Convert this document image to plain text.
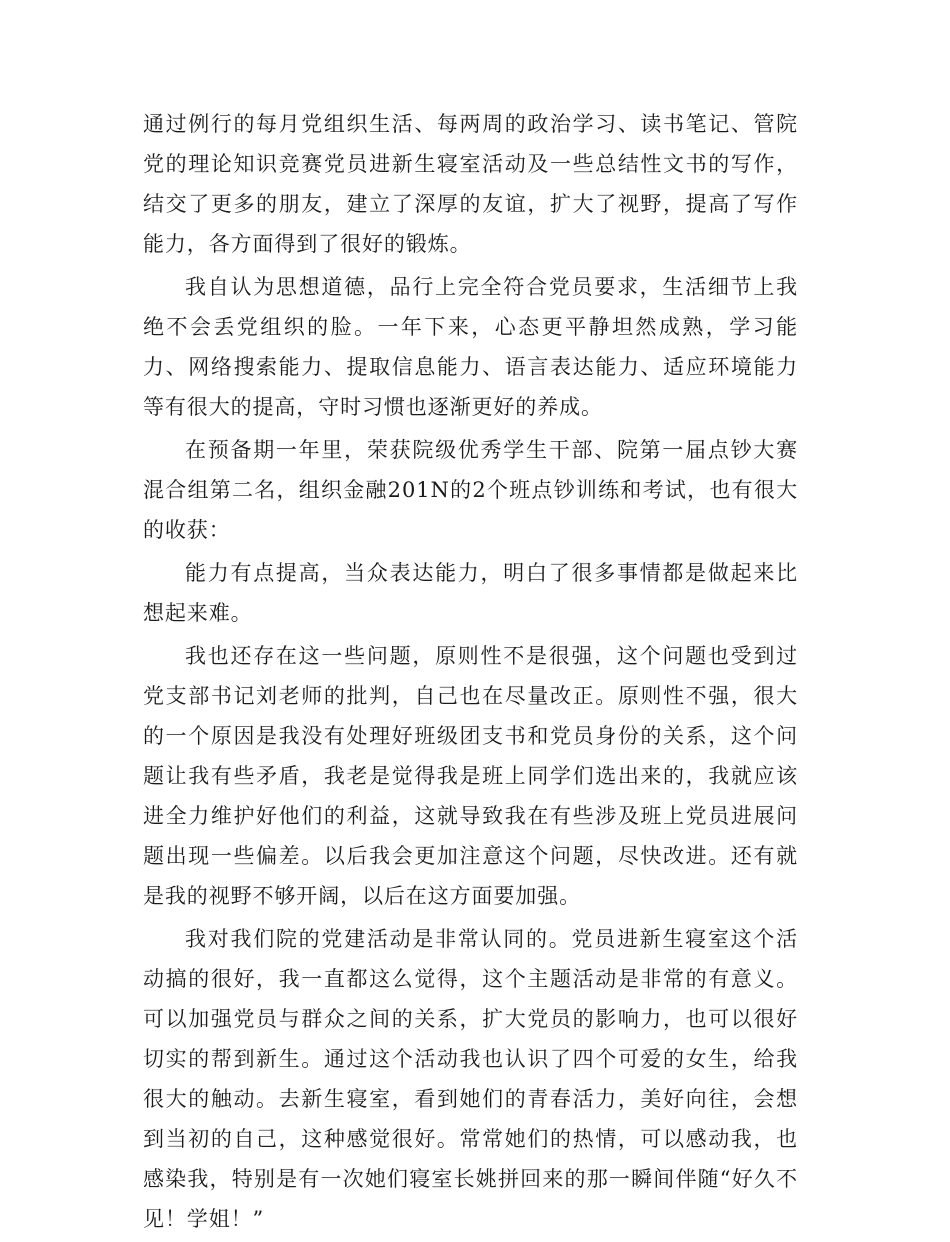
通过例行的每月党组织生活、每两周的政治学习、读书笔记、管院党的理论知识竞赛党员进新生寝室活动及一些总结性文书的写作，结交了更多的朋友，建立了深厚的友谊，扩大了视野，提高了写作能力，各方面得到了很好的锻炼。

我自认为思想道德，品行上完全符合党员要求，生活细节上我绝不会丢党组织的脸。一年下来，心态更平静坦然成熟，学习能力、网络搜索能力、提取信息能力、语言表达能力、适应环境能力等有很大的提高，守时习惯也逐渐更好的养成。

在预备期一年里，荣获院级优秀学生干部、院第一届点钞大赛混合组第二名，组织金融201N的2个班点钞训练和考试，也有很大的收获：

能力有点提高，当众表达能力，明白了很多事情都是做起来比想起来难。

我也还存在这一些问题，原则性不是很强，这个问题也受到过党支部书记刘老师的批判，自己也在尽量改正。原则性不强，很大的一个原因是我没有处理好班级团支书和党员身份的关系，这个问题让我有些矛盾，我老是觉得我是班上同学们选出来的，我就应该进全力维护好他们的利益，这就导致我在有些涉及班上党员进展问题出现一些偏差。以后我会更加注意这个问题，尽快改进。还有就是我的视野不够开阔，以后在这方面要加强。

我对我们院的党建活动是非常认同的。党员进新生寝室这个活动搞的很好，我一直都这么觉得，这个主题活动是非常的有意义。可以加强党员与群众之间的关系，扩大党员的影响力，也可以很好切实的帮到新生。通过这个活动我也认识了四个可爱的女生，给我很大的触动。去新生寝室，看到她们的青春活力，美好向往，会想到当初的自己，这种感觉很好。常常她们的热情，可以感动我，也感染我，特别是有一次她们寝室长姚拼回来的那一瞬间伴随“好久不见！学姐！”
